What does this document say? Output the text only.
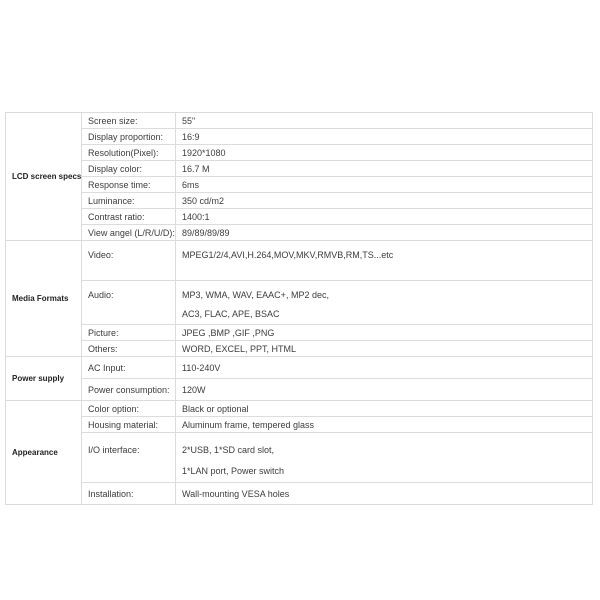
LCD screen specs	Screen size:	55"
	Display proportion:	16:9
	Resolution(Pixel):	1920*1080
	Display color:	16.7 M
	Response time:	6ms
	Luminance:	350 cd/m2
	Contrast ratio:	1400:1
	View angel (L/R/U/D):	89/89/89/89
Media Formats	Video:	MPEG1/2/4,AVI,H.264,MOV,MKV,RMVB,RM,TS...etc
	Audio:	MP3, WMA, WAV, EAAC+, MP2 dec,
AC3, FLAC, APE, BSAC

	Picture:	JPEG ,BMP ,GIF ,PNG
	Others:	WORD, EXCEL, PPT, HTML
Power supply	AC Input:	110-240V
	Power consumption:	120W
Appearance	Color option:	Black or optional
	Housing material:	Aluminum frame, tempered glass
	I/O interface:	2*USB, 1*SD card slot,
1*LAN port, Power switch

	Installation:	Wall-mounting VESA holes
